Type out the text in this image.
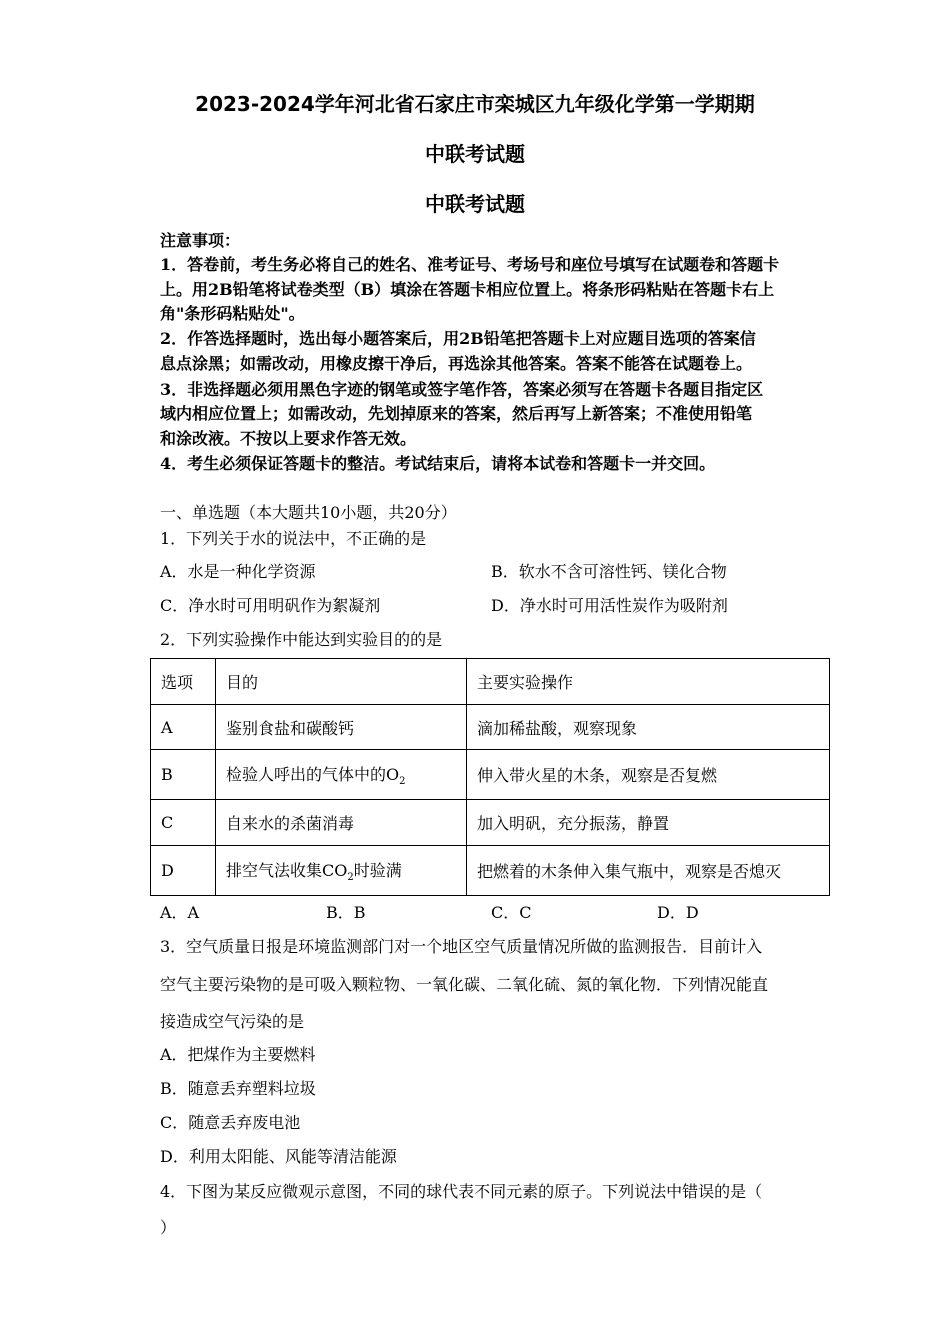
2023-2024学年河北省石家庄市栾城区九年级化学第一学期期
中联考试题
中联考试题
注意事项：
1．答卷前，考生务必将自己的姓名、准考证号、考场号和座位号填写在试题卷和答题卡
上。用2B铅笔将试卷类型（B）填涂在答题卡相应位置上。将条形码粘贴在答题卡右上
角"条形码粘贴处"。
2．作答选择题时，选出每小题答案后，用2B铅笔把答题卡上对应题目选项的答案信
息点涂黑；如需改动，用橡皮擦干净后，再选涂其他答案。答案不能答在试题卷上。
3．非选择题必须用黑色字迹的钢笔或签字笔作答，答案必须写在答题卡各题目指定区
域内相应位置上；如需改动，先划掉原来的答案，然后再写上新答案；不准使用铅笔
和涂改液。不按以上要求作答无效。
4．考生必须保证答题卡的整洁。考试结束后，请将本试卷和答题卡一并交回。
一、单选题（本大题共10小题，共20分）
1．下列关于水的说法中，不正确的是
A．水是一种化学资源	B．软水不含可溶性钙、镁化合物
C．净水时可用明矾作为絮凝剂	D．净水时可用活性炭作为吸附剂
2．下列实验操作中能达到实验目的的是
选项	目的	主要实验操作
A	鉴别食盐和碳酸钙	滴加稀盐酸，观察现象
B	检验人呼出的气体中的$O_2$	伸入带火星的木条，观察是否复燃
C	自来水的杀菌消毒	加入明矾，充分振荡，静置
D	排空气法收集$CO_2$时验满	把燃着的木条伸入集气瓶中，观察是否熄灭
A．A	B．B	C．C	D．D
3．空气质量日报是环境监测部门对一个地区空气质量情况所做的监测报告．目前计入
空气主要污染物的是可吸入颗粒物、一氧化碳、二氧化硫、氮的氧化物．下列情况能直
接造成空气污染的是
A．把煤作为主要燃料
B．随意丢弃塑料垃圾
C．随意丢弃废电池
D．利用太阳能、风能等清洁能源
4．下图为某反应微观示意图，不同的球代表不同元素的原子。下列说法中错误的是（
）
